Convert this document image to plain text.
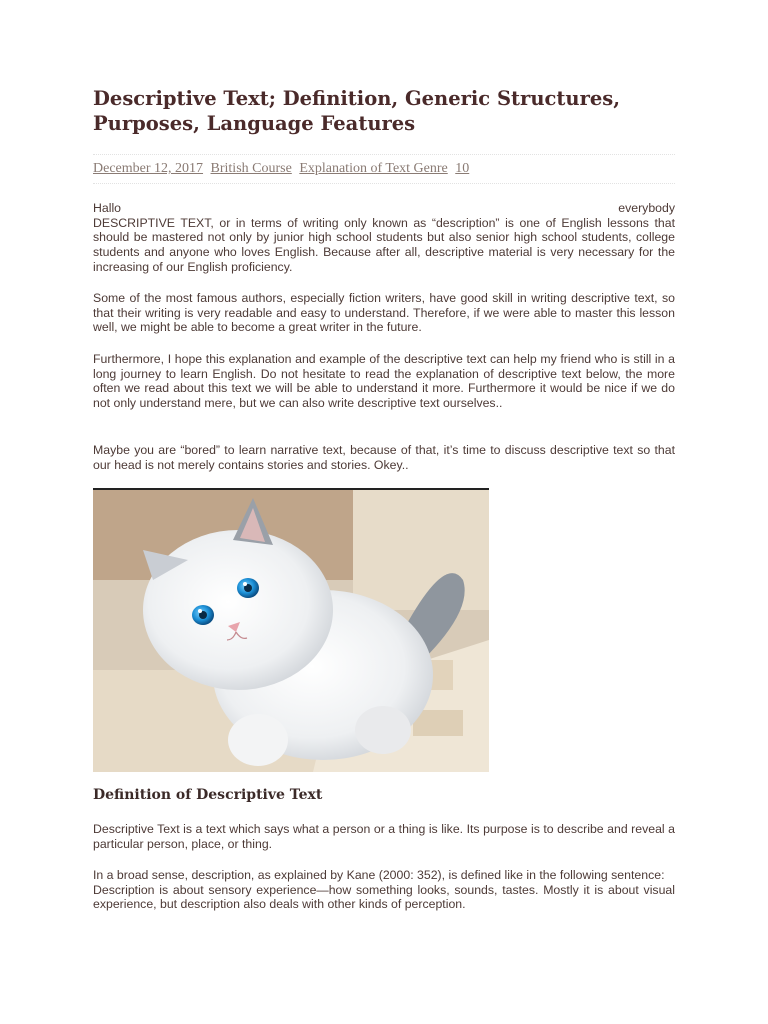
Descriptive Text; Definition, Generic Structures, Purposes, Language Features
December 12, 2017 British Course Explanation of Text Genre 10
Hallo	everybody
DESCRIPTIVE TEXT, or in terms of writing only known as “description” is one of English lessons that should be mastered not only by junior high school students but also senior high school students, college students and anyone who loves English. Because after all, descriptive material is very necessary for the increasing of our English proficiency.

Some of the most famous authors, especially fiction writers, have good skill in writing descriptive text, so that their writing is very readable and easy to understand. Therefore, if we were able to master this lesson well, we might be able to become a great writer in the future.

Furthermore, I hope this explanation and example of the descriptive text can help my friend who is still in a long journey to learn English. Do not hesitate to read the explanation of descriptive text below, the more often we read about this text we will be able to understand it more. Furthermore it would be nice if we do not only understand mere, but we can also write descriptive text ourselves..

Maybe you are “bored” to learn narrative text, because of that, it’s time to discuss descriptive text so that our head is not merely contains stories and stories. Okey..

Definition of Descriptive Text

Descriptive Text is a text which says what a person or a thing is like. Its purpose is to describe and reveal a particular person, place, or thing.

In a broad sense, description, as explained by Kane (2000: 352), is defined like in the following sentence:
Description is about sensory experience—how something looks, sounds, tastes. Mostly it is about visual experience, but description also deals with other kinds of perception.
